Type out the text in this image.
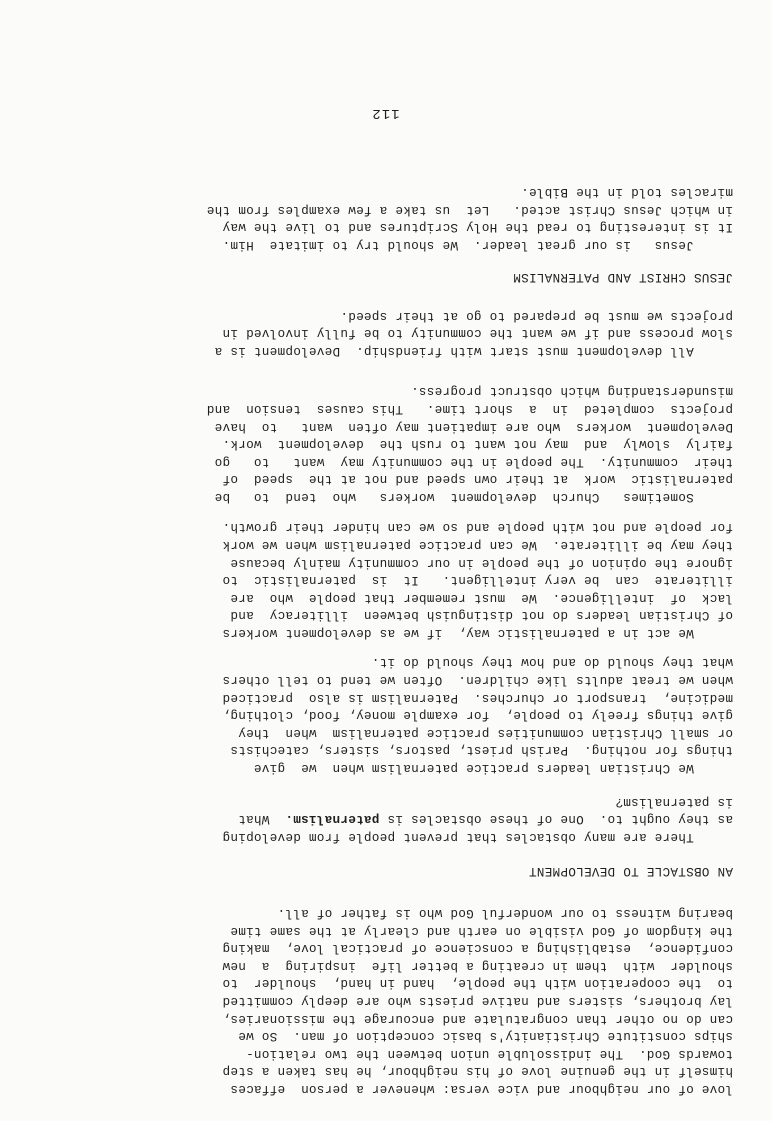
love of our neighbour and vice versa: whenever a person  effaces
himself in the genuine love of his neighbour, he has taken a step
towards God.  The indissoluble union between the two relation-
ships constitute Christianity's basic conception of man.  So we
can do no other than congratulate and encourage the missionaries,
lay brothers, sisters and native priests who are deeply committed
to  the cooperation with the people,  hand in hand,  shoulder  to
shoulder  with  them in creating a better life  inspiring  a  new
confidence,  establishing a conscience of practical love,  making
the kingdom of God visible on earth and clearly at the same time
bearing witness to our wonderful God who is father of all.
AN OBSTACLE TO DEVELOPMENT
There are many obstacles that prevent people from developing
as they ought to.  One of these obstacles is paternalism.  What
is paternalism?
We Christian leaders practice paternalism when  we  give
things for nothing.  Parish priest, pastors, sisters, catechists
or small Christian communities practice paternalism  when  they
give things freely to people,  for example money, food, clothing,
medicine,  transport or churches.  Paternalism is also  practiced
when we treat adults like children.  Often we tend to tell others
what they should do and how they should do it.
We act in a paternalistic way,  if we as development workers
of Christian leaders do not distinguish between  illiteracy  and
lack  of  intelligence.  We  must remember that people  who  are
illiterate  can  be very intelligent.   It  is  paternalistic  to
ignore the opinion of the people in our community mainly because
they may be illiterate.  We can practice paternalism when we work
for people and not with people and so we can hinder their growth.
Sometimes   Church  development  workers   who  tend  to   be
paternalistic  work  at their own speed and not at the  speed  of
their  community.  The people in the community may  want   to   go
fairly  slowly  and  may not want to rush the  development  work.
Development  workers  who are impatient may often  want   to  have
projects  completed  in  a  short time.   This causes  tension  and
misunderstanding which obstruct progress.
All development must start with friendship.  Development is a
slow process and if we want the community to be fully involved in
projects we must be prepared to go at their speed.
JESUS CHRIST AND PATERNALISM
Jesus   is our great leader.  We should try to imitate  Him.
It is interesting to read the Holy Scriptures and to live the way
in which Jesus Christ acted.   Let  us take a few examples from the
miracles told in the Bible.
112
